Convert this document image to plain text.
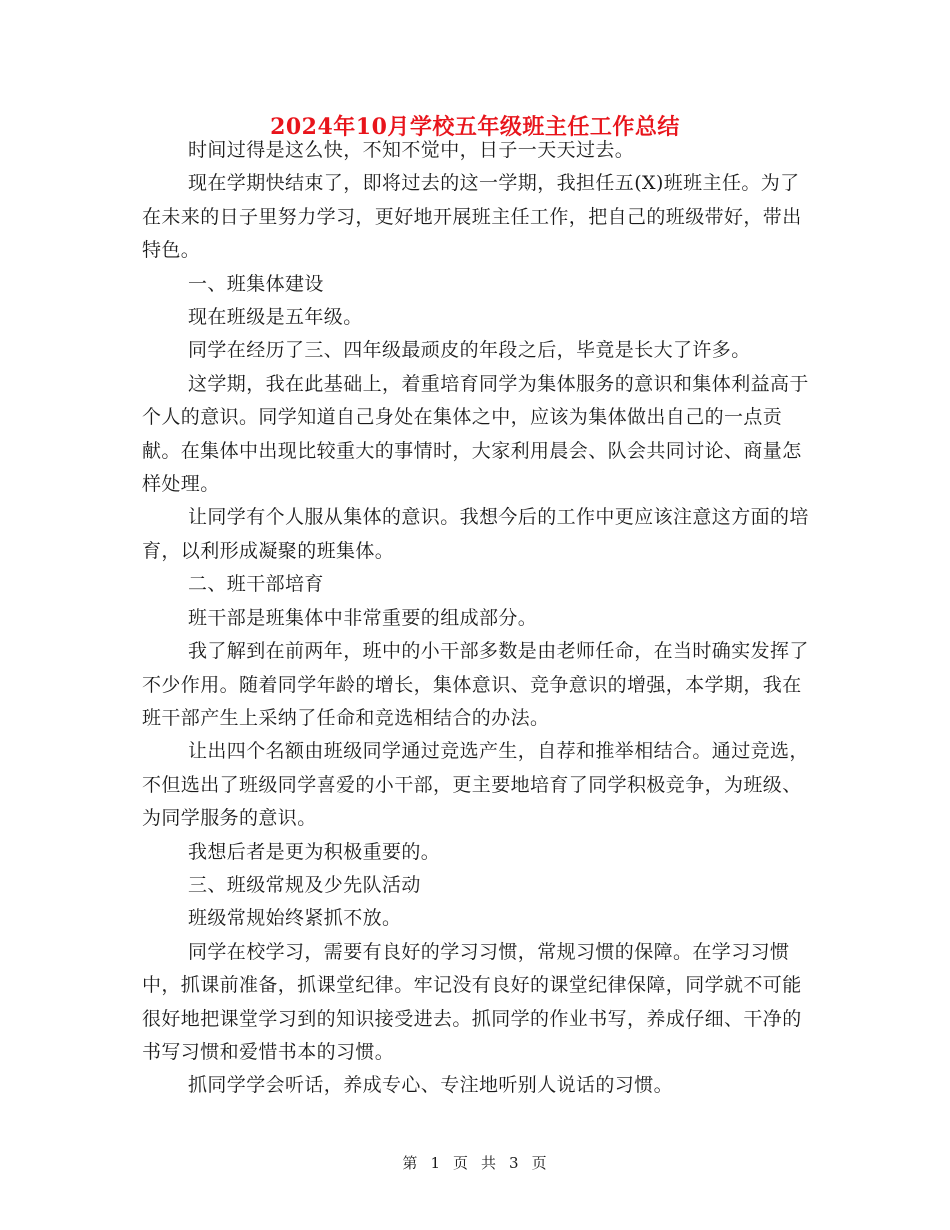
2024年10月学校五年级班主任工作总结

时间过得是这么快，不知不觉中，日子一天天过去。

现在学期快结束了，即将过去的这一学期，我担任五(X)班班主任。为了在未来的日子里努力学习，更好地开展班主任工作，把自己的班级带好，带出特色。

一、班集体建设

现在班级是五年级。

同学在经历了三、四年级最顽皮的年段之后，毕竟是长大了许多。

这学期，我在此基础上，着重培育同学为集体服务的意识和集体利益高于个人的意识。同学知道自己身处在集体之中，应该为集体做出自己的一点贡献。在集体中出现比较重大的事情时，大家利用晨会、队会共同讨论、商量怎样处理。

让同学有个人服从集体的意识。我想今后的工作中更应该注意这方面的培育，以利形成凝聚的班集体。

二、班干部培育

班干部是班集体中非常重要的组成部分。

我了解到在前两年，班中的小干部多数是由老师任命，在当时确实发挥了不少作用。随着同学年龄的增长，集体意识、竞争意识的增强，本学期，我在班干部产生上采纳了任命和竞选相结合的办法。

让出四个名额由班级同学通过竞选产生，自荐和推举相结合。通过竞选，不但选出了班级同学喜爱的小干部，更主要地培育了同学积极竞争，为班级、为同学服务的意识。

我想后者是更为积极重要的。

三、班级常规及少先队活动

班级常规始终紧抓不放。

同学在校学习，需要有良好的学习习惯，常规习惯的保障。在学习习惯中，抓课前准备，抓课堂纪律。牢记没有良好的课堂纪律保障，同学就不可能很好地把课堂学习到的知识接受进去。抓同学的作业书写，养成仔细、干净的书写习惯和爱惜书本的习惯。

抓同学学会听话，养成专心、专注地听别人说话的习惯。

第 1 页 共 3 页
